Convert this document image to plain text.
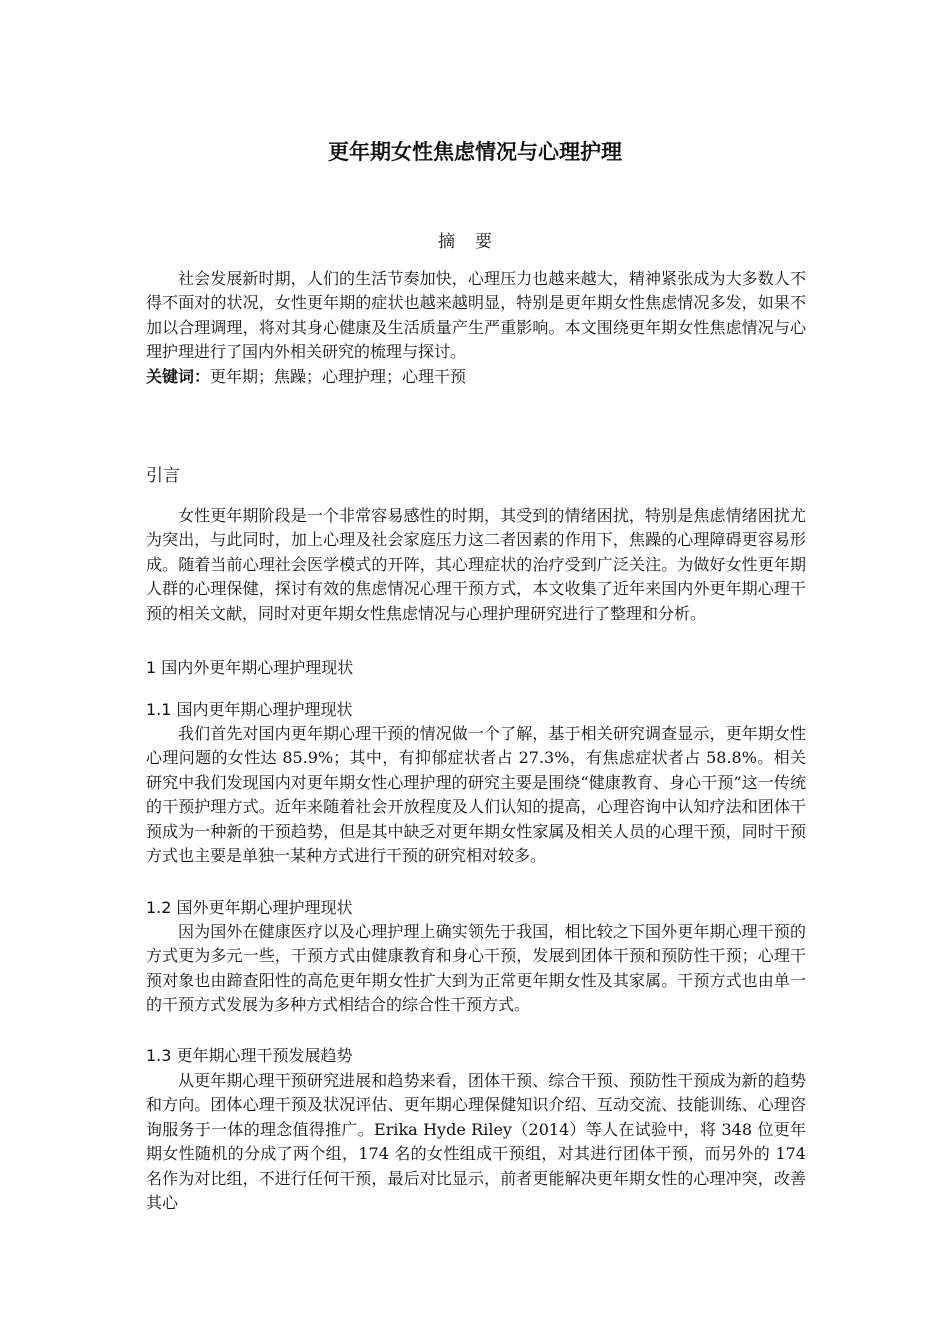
更年期女性焦虑情况与心理护理
摘要

社会发展新时期，人们的生活节奏加快，心理压力也越来越大，精神紧张成为大多数人不得不面对的状况，女性更年期的症状也越来越明显，特别是更年期女性焦虑情况多发，如果不加以合理调理，将对其身心健康及生活质量产生严重影响。本文围绕更年期女性焦虑情况与心理护理进行了国内外相关研究的梳理与探讨。

关键词：更年期；焦躁；心理护理；心理干预

引言

女性更年期阶段是一个非常容易感性的时期，其受到的情绪困扰，特别是焦虑情绪困扰尤为突出，与此同时，加上心理及社会家庭压力这二者因素的作用下，焦躁的心理障碍更容易形成。随着当前心理社会医学模式的开阵，其心理症状的治疗受到广泛关注。为做好女性更年期人群的心理保健，探讨有效的焦虑情况心理干预方式，本文收集了近年来国内外更年期心理干预的相关文献，同时对更年期女性焦虑情况与心理护理研究进行了整理和分析。

1 国内外更年期心理护理现状
1.1 国内更年期心理护理现状

我们首先对国内更年期心理干预的情况做一个了解，基于相关研究调查显示，更年期女性心理问题的女性达 85.9%；其中，有抑郁症状者占 27.3%，有焦虑症状者占 58.8%。相关研究中我们发现国内对更年期女性心理护理的研究主要是围绕“健康教育、身心干预”这一传统的干预护理方式。近年来随着社会开放程度及人们认知的提高，心理咨询中认知疗法和团体干预成为一种新的干预趋势，但是其中缺乏对更年期女性家属及相关人员的心理干预，同时干预方式也主要是单独一某种方式进行干预的研究相对较多。

1.2 国外更年期心理护理现状

因为国外在健康医疗以及心理护理上确实领先于我国，相比较之下国外更年期心理干预的方式更为多元一些，干预方式由健康教育和身心干预，发展到团体干预和预防性干预；心理干预对象也由蹄查阳性的高危更年期女性扩大到为正常更年期女性及其家属。干预方式也由单一的干预方式发展为多种方式相结合的综合性干预方式。

1.3 更年期心理干预发展趋势

从更年期心理干预研究进展和趋势来看，团体干预、综合干预、预防性干预成为新的趋势和方向。团体心理干预及状况评估、更年期心理保健知识介绍、互动交流、技能训练、心理咨询服务于一体的理念值得推广。Erika Hyde Riley（2014）等人在试验中，将 348 位更年期女性随机的分成了两个组，174 名的女性组成干预组，对其进行团体干预，而另外的 174 名作为对比组，不进行任何干预，最后对比显示，前者更能解决更年期女性的心理冲突，改善其心
